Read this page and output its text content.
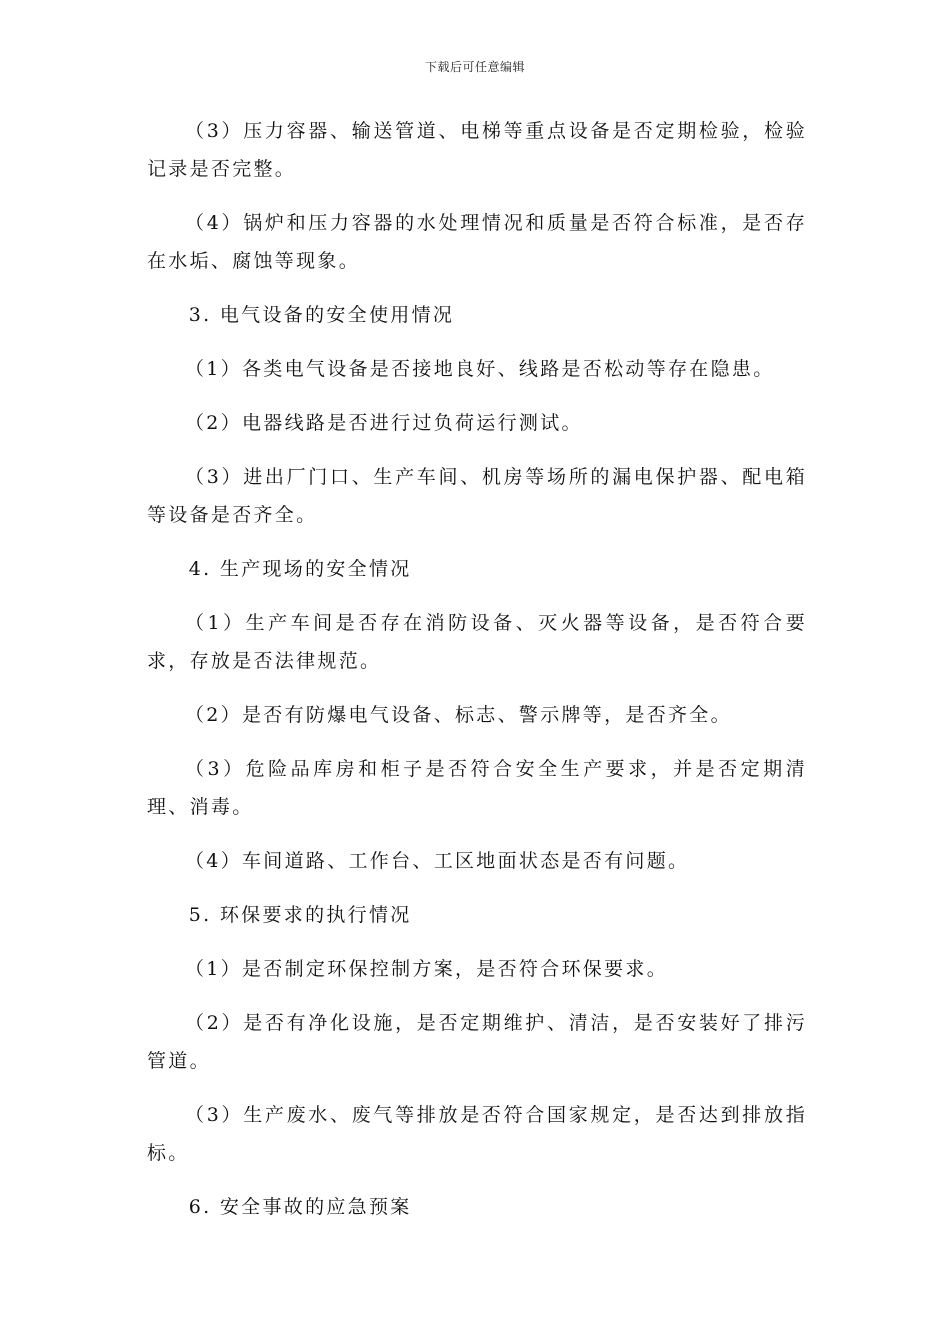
下载后可任意编辑

（3）压力容器、输送管道、电梯等重点设备是否定期检验，检验记录是否完整。

（4）锅炉和压力容器的水处理情况和质量是否符合标准，是否存在水垢、腐蚀等现象。

3. 电气设备的安全使用情况

（1）各类电气设备是否接地良好、线路是否松动等存在隐患。

（2）电器线路是否进行过负荷运行测试。

（3）进出厂门口、生产车间、机房等场所的漏电保护器、配电箱等设备是否齐全。

4. 生产现场的安全情况

（1）生产车间是否存在消防设备、灭火器等设备，是否符合要求，存放是否法律规范。

（2）是否有防爆电气设备、标志、警示牌等，是否齐全。

（3）危险品库房和柜子是否符合安全生产要求，并是否定期清理、消毒。

（4）车间道路、工作台、工区地面状态是否有问题。

5. 环保要求的执行情况

（1）是否制定环保控制方案，是否符合环保要求。

（2）是否有净化设施，是否定期维护、清洁，是否安装好了排污管道。

（3）生产废水、废气等排放是否符合国家规定，是否达到排放指标。

6. 安全事故的应急预案
